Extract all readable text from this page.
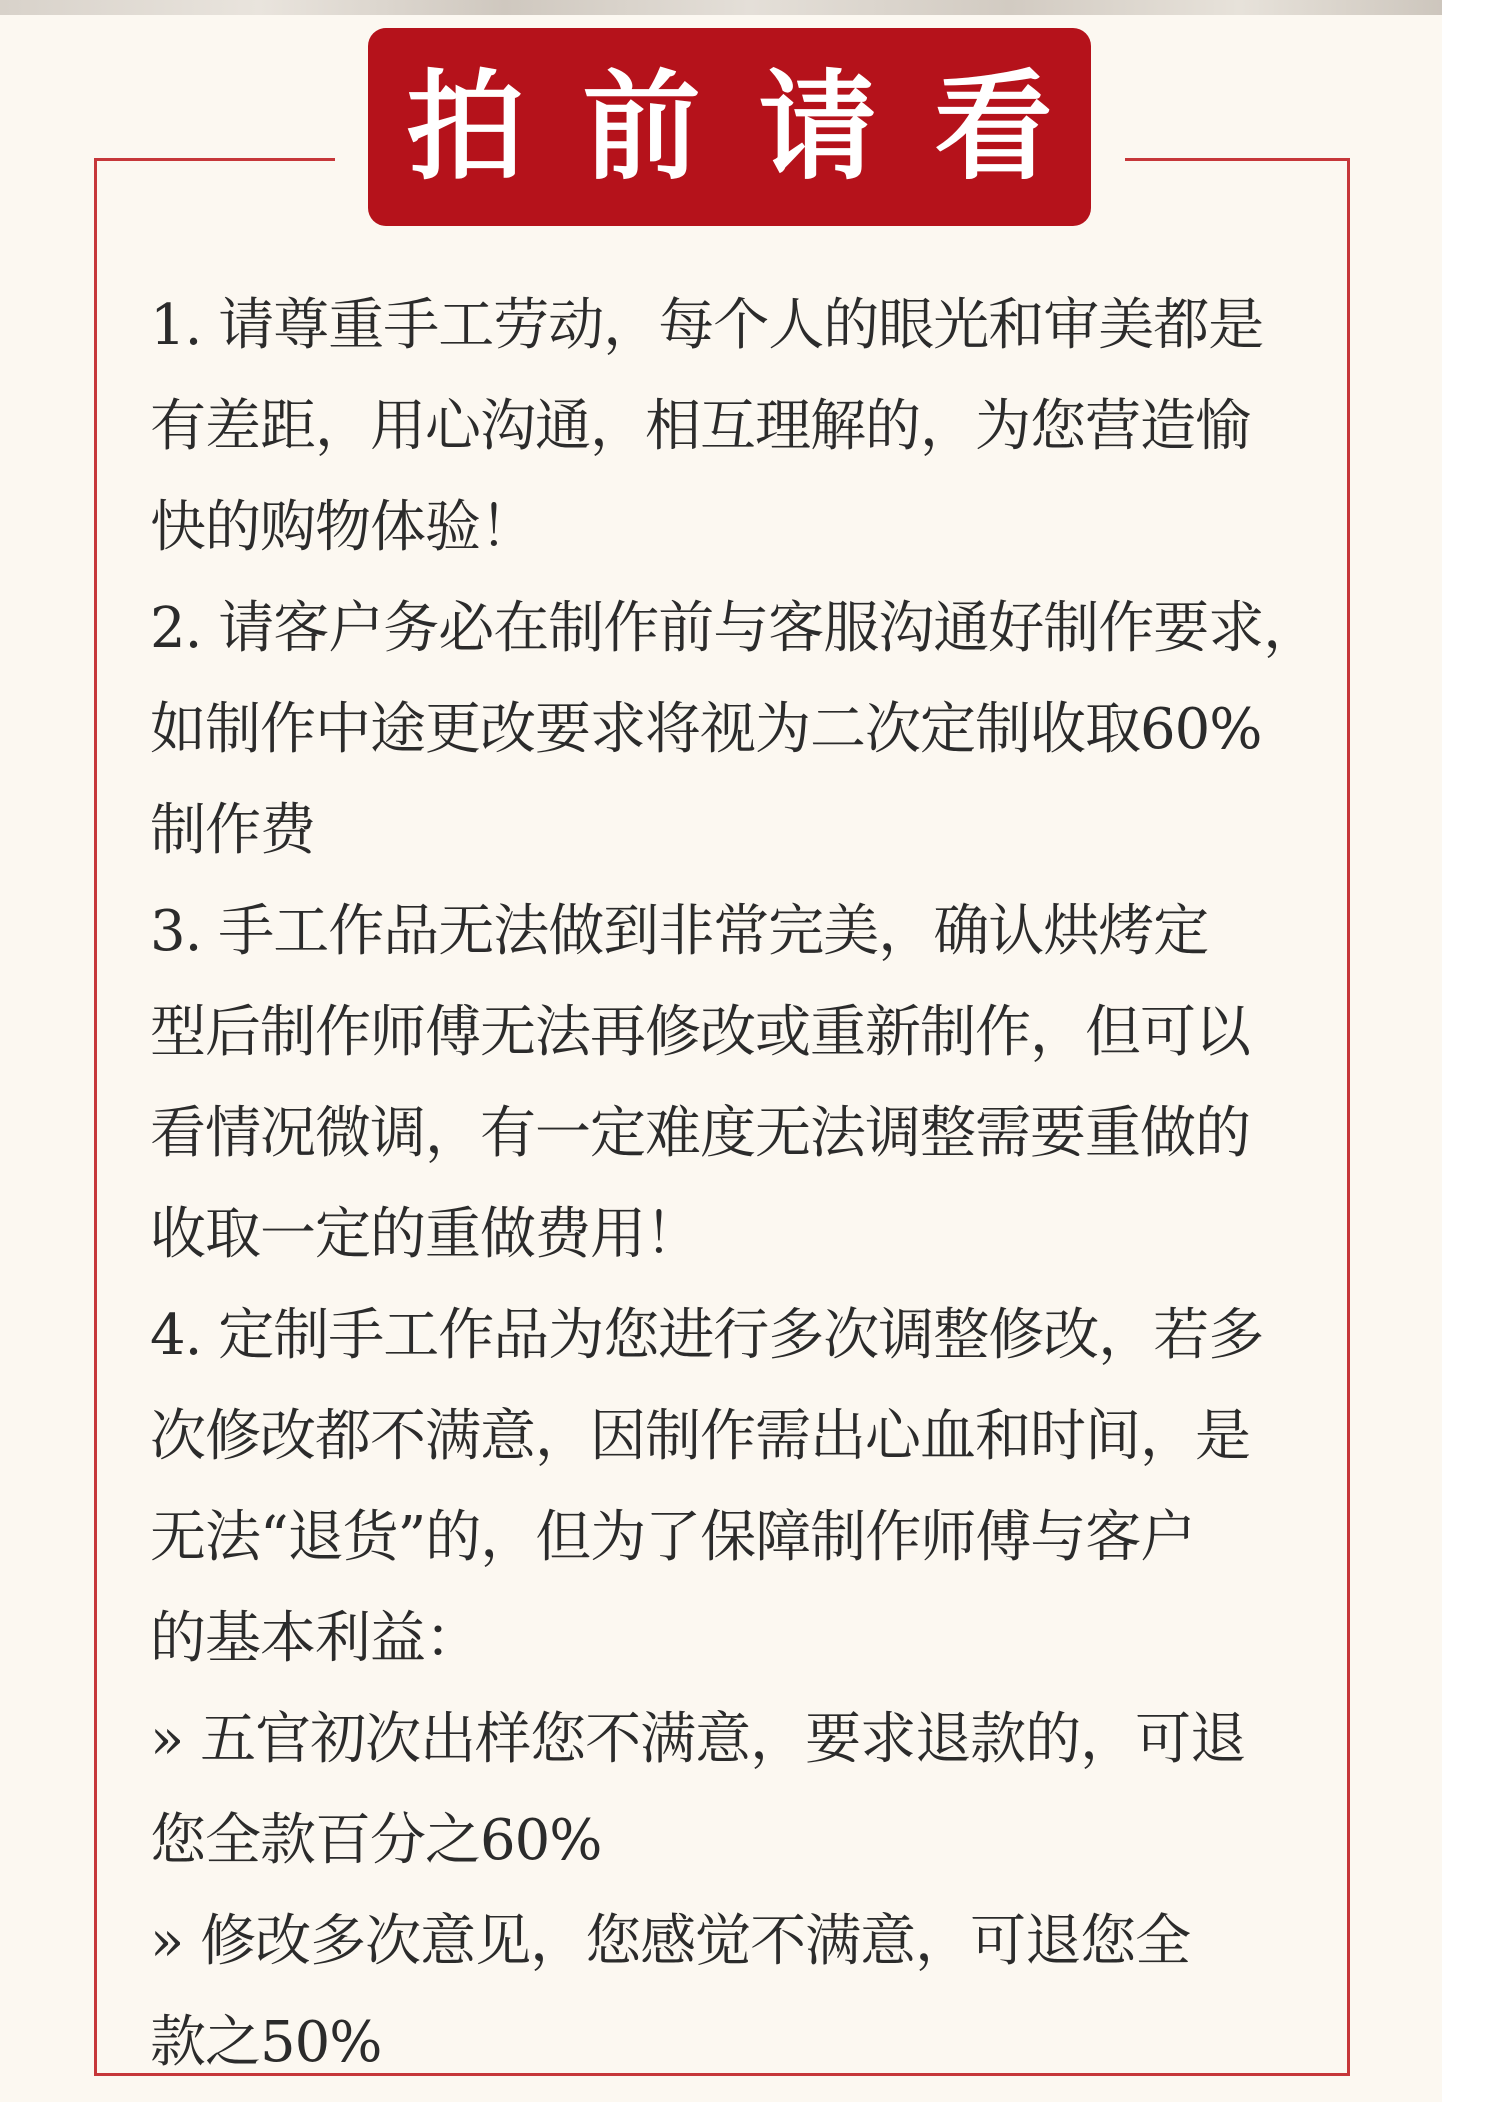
拍前请看
1. 请尊重手工劳动，每个人的眼光和审美都是
有差距，用心沟通，相互理解的，为您营造愉
快的购物体验！
2. 请客户务必在制作前与客服沟通好制作要求，
如制作中途更改要求将视为二次定制收取60%
制作费
3. 手工作品无法做到非常完美，确认烘烤定
型后制作师傅无法再修改或重新制作，但可以
看情况微调，有一定难度无法调整需要重做的
收取一定的重做费用！
4. 定制手工作品为您进行多次调整修改，若多
次修改都不满意，因制作需出心血和时间，是
无法“退货”的，但为了保障制作师傅与客户
的基本利益：
» 五官初次出样您不满意，要求退款的，可退
您全款百分之60%
» 修改多次意见，您感觉不满意，可退您全
款之50%
